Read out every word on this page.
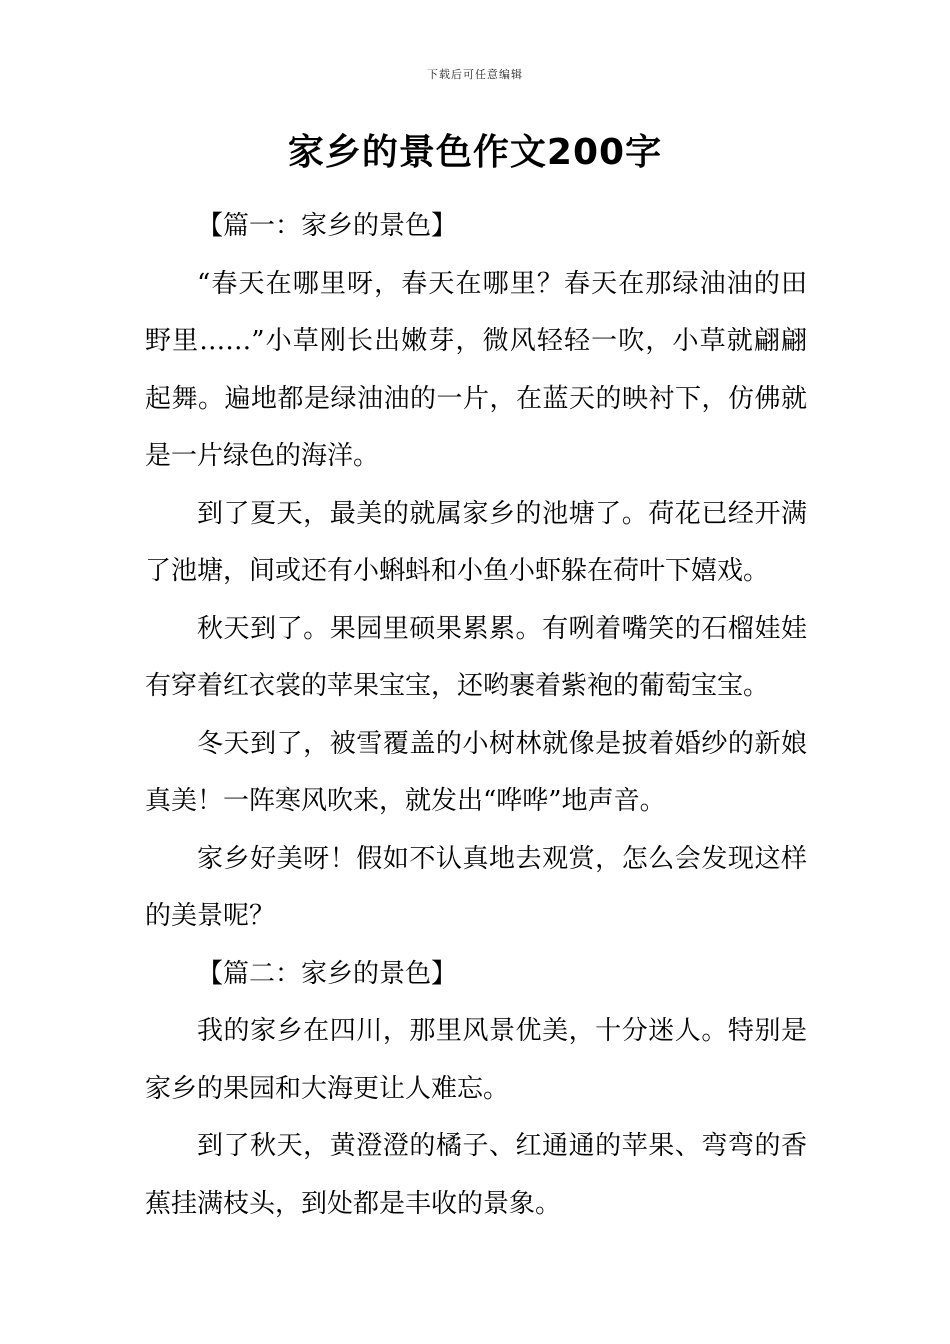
下载后可任意编辑
家乡的景色作文200字

【篇一：家乡的景色】

“春天在哪里呀，春天在哪里？春天在那绿油油的田野里……”小草刚长出嫩芽，微风轻轻一吹，小草就翩翩起舞。遍地都是绿油油的一片，在蓝天的映衬下，仿佛就是一片绿色的海洋。

到了夏天，最美的就属家乡的池塘了。荷花已经开满了池塘，间或还有小蝌蚪和小鱼小虾躲在荷叶下嬉戏。

秋天到了。果园里硕果累累。有咧着嘴笑的石榴娃娃有穿着红衣裳的苹果宝宝，还哟裹着紫袍的葡萄宝宝。

冬天到了，被雪覆盖的小树林就像是披着婚纱的新娘真美！一阵寒风吹来，就发出“哗哗”地声音。

家乡好美呀！假如不认真地去观赏，怎么会发现这样的美景呢？

【篇二：家乡的景色】

我的家乡在四川，那里风景优美，十分迷人。特别是家乡的果园和大海更让人难忘。

到了秋天，黄澄澄的橘子、红通通的苹果、弯弯的香蕉挂满枝头，到处都是丰收的景象。
